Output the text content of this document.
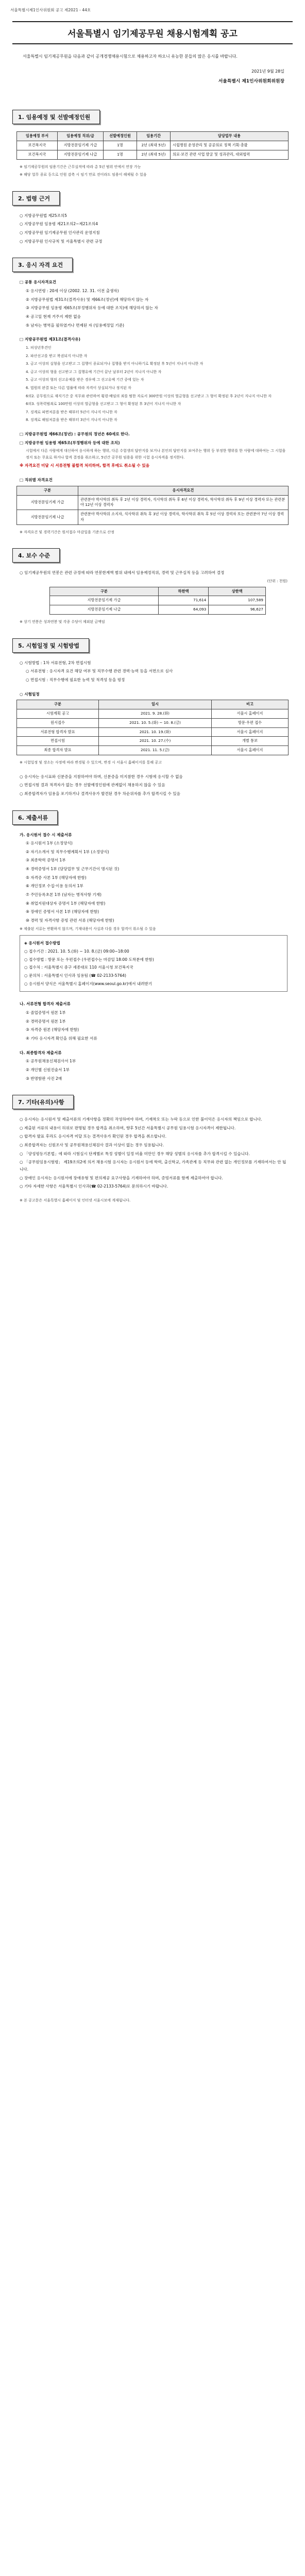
서울특별시제1인사위원회 공고 제2021 - 44호
서울특별시 임기제공무원 채용시험계획 공고
서울특별시 임기제공무원을 다음과 같이 공개경쟁채용시험으로 채용하고자 하오니 유능한 분들의 많은 응시를 바랍니다.
2021년 9월 28일
서울특별시 제1인사위원회위원장
1. 임용예정 및 선발예정인원
임용예정 부서	임용예정 직위/급	선발예정인원	임용기간	담당업무 내용
보건복지국	지방전문임기제 가급	1명	2년 (최대 5년)	시립병원 운영관리 및 공공의료 정책 기획·총괄
보건복지국	지방전문임기제 나급	1명	2년 (최대 5년)	의료·보건 관련 사업 발굴 및 성과관리, 대외협력
※ 임기제공무원의 임용기간은 근무실적에 따라 총 5년 범위 안에서 연장 가능
※ 해당 업무 종료 등으로 인원 감축 시 임기 만료 전이라도 임용이 해제될 수 있음
2. 법령 근거
○ 지방공무원법 제25조의5
○ 지방공무원 임용령 제21조의2~제21조의4
○ 지방공무원 임기제공무원 인사관리 운영지침
○ 지방공무원 인사규칙 및 서울특별시 관련 규정
3. 응시 자격 요건
□ 공통 응시자격요건
① 응시연령 : 20세 이상 (2002. 12. 31. 이전 출생자)
② 지방공무원법 제31조(결격사유) 및 제66조(정년)에 해당하지 않는 자
③ 지방공무원 임용령 제65조(부정행위자 등에 대한 조치)에 해당하지 않는 자
④ 공고일 현재 거주지 제한 없음
⑤ 남자는 병역을 필하였거나 면제된 자 (임용예정일 기준)
□ 지방공무원법 제31조(결격사유)
1. 피성년후견인
2. 파산선고를 받고 복권되지 아니한 자
3. 금고 이상의 실형을 선고받고 그 집행이 종료되거나 집행을 받지 아니하기로 확정된 후 5년이 지나지 아니한 자
4. 금고 이상의 형을 선고받고 그 집행유예 기간이 끝난 날부터 2년이 지나지 아니한 자
5. 금고 이상의 형의 선고유예를 받은 경우에 그 선고유예 기간 중에 있는 자
6. 법원의 판결 또는 다른 법률에 따라 자격이 상실되거나 정지된 자
6의2. 공무원으로 재직기간 중 직무와 관련하여 횡령·배임의 죄를 범한 자로서 300만원 이상의 벌금형을 선고받고 그 형이 확정된 후 2년이 지나지 아니한 자
6의3. 성폭력범죄로 100만원 이상의 벌금형을 선고받고 그 형이 확정된 후 3년이 지나지 아니한 자
7. 징계로 파면처분을 받은 때부터 5년이 지나지 아니한 자
8. 징계로 해임처분을 받은 때부터 3년이 지나지 아니한 자
□ 지방공무원법 제66조(정년) : 공무원의 정년은 60세로 한다.
□ 지방공무원 임용령 제65조(부정행위자 등에 대한 조치)
시험에서 다른 사람에게 대신하여 응시하게 하는 행위, 다른 수험생의 답안지를 보거나 본인의 답안지를 보여주는 행위 등 부정한 행위를 한 사람에 대하여는 그 시험을 정지 또는 무효로 하거나 합격 결정을 취소하고, 5년간 공무원 임용을 위한 시험 응시자격을 정지한다.
※ 자격요건 미달 시 서류전형 불합격 처리하며, 합격 후에도 취소될 수 있음
□ 직위별 자격요건
구분	응시자격요건
지방전문임기제 가급	관련분야 박사학위 취득 후 2년 이상 경력자, 석사학위 취득 후 6년 이상 경력자, 학사학위 취득 후 9년 이상 경력자 또는 관련분야 12년 이상 경력자
지방전문임기제 나급	관련분야 박사학위 소지자, 석사학위 취득 후 3년 이상 경력자, 학사학위 취득 후 5년 이상 경력자 또는 관련분야 7년 이상 경력자
※ 자격요건 및 경력기간은 원서접수 마감일을 기준으로 산정
4. 보수 수준
○ 임기제공무원의 연봉은 관련 규정에 따라 연봉한계액 범위 내에서 임용예정직위, 경력 및 근무실적 등을 고려하여 결정
(단위 : 천원)
구분	하한액	상한액
지방전문임기제 가급	71,614	107,589
지방전문임기제 나급	64,093	96,627
※ 상기 연봉은 성과연봉 및 각종 수당이 제외된 금액임
5. 시험일정 및 시험방법
○ 시험방법 : 1차 서류전형, 2차 면접시험
○ 서류전형 : 응시자격 요건 해당 여부 및 직무수행 관련 경력·능력 등을 서면으로 심사
○ 면접시험 : 직무수행에 필요한 능력 및 적격성 등을 평정
○ 시험일정
구분	일시	비고
시험계획 공고	2021. 9. 28.(화)	서울시 홈페이지
원서접수	2021. 10. 5.(화) ~ 10. 8.(금)	방문·우편 접수
서류전형 합격자 발표	2021. 10. 19.(화)	서울시 홈페이지
면접시험	2021. 10. 27.(수)	개별 통보
최종 합격자 발표	2021. 11. 5.(금)	서울시 홈페이지
※ 시험일정 및 장소는 사정에 따라 변경될 수 있으며, 변경 시 서울시 홈페이지를 통해 공고
○ 응시자는 응시표와 신분증을 지참하여야 하며, 신분증을 미지참한 경우 시험에 응시할 수 없음
○ 면접시험 결과 적격자가 없는 경우 선발예정인원에 관계없이 채용하지 않을 수 있음
○ 최종합격자가 임용을 포기하거나 결격사유가 발견된 경우 차순위자를 추가 합격시킬 수 있음
6. 제출서류
가. 응시원서 접수 시 제출서류
① 응시원서 1부 (소정양식)
② 자기소개서 및 직무수행계획서 1부 (소정양식)
③ 최종학력 증명서 1부
④ 경력증명서 1부 (담당업무 및 근무기간이 명시된 것)
⑤ 자격증 사본 1부 (해당자에 한함)
⑥ 개인정보 수집·이용 동의서 1부
⑦ 주민등록초본 1부 (남자는 병적사항 기재)
⑧ 취업지원대상자 증명서 1부 (해당자에 한함)
⑨ 장애인 증명서 사본 1부 (해당자에 한함)
⑩ 경력 및 자격사항 증빙 관련 서류 (해당자에 한함)
※ 제출된 서류는 반환하지 않으며, 기재내용이 사실과 다를 경우 합격이 취소될 수 있음
◈ 응시원서 접수방법
○ 접수기간 : 2021. 10. 5.(화) ~ 10. 8.(금) 09:00~18:00
○ 접수방법 : 방문 또는 우편접수 (우편접수는 마감일 18:00 도착분에 한함)
○ 접수처 : 서울특별시 중구 세종대로 110 서울시청 보건복지국
○ 문의처 : 서울특별시 인사과 임용팀 (☎ 02-2133-5764)
○ 응시원서 양식은 서울특별시 홈페이지(www.seoul.go.kr)에서 내려받기
나. 서류전형 합격자 제출서류
① 졸업증명서 원본 1부
② 경력증명서 원본 1부
③ 자격증 원본 (해당자에 한함)
④ 기타 응시자격 확인을 위해 필요한 서류
다. 최종합격자 제출서류
① 공무원채용신체검사서 1부
② 개인별 신원진술서 1부
③ 반명함판 사진 2매
7. 기타(유의)사항
○ 응시자는 응시원서 및 제출서류의 기재사항을 정확히 작성하여야 하며, 기재착오 또는 누락 등으로 인한 불이익은 응시자의 책임으로 합니다.
○ 제출된 서류의 내용이 허위로 판명될 경우 합격을 취소하며, 향후 5년간 서울특별시 공무원 임용시험 응시자격이 제한됩니다.
○ 합격자 발표 후라도 응시자격 미달 또는 결격사유가 확인된 경우 합격을 취소합니다.
○ 최종합격자는 신원조사 및 공무원채용신체검사 결과 이상이 없는 경우 임용됩니다.
○ 「양성평등기본법」에 따라 시험실시 단계별로 특정 성별이 일정 비율 미만인 경우 해당 성별의 응시자를 추가 합격시킬 수 있습니다.
○ 「공무원임용시험령」 제19조의2에 의거 채용시험 응시자는 응시원서 등에 학력, 출신학교, 가족관계 등 직무와 관련 없는 개인정보를 기재하여서는 안 됩니다.
○ 장애인 응시자는 응시원서에 장애유형 및 편의제공 요구사항을 기재하여야 하며, 증빙서류를 함께 제출하여야 합니다.
○ 기타 자세한 사항은 서울특별시 인사과(☎ 02-2133-5764)로 문의하시기 바랍니다.
※ 본 공고문은 서울특별시 홈페이지 및 인터넷 서울시보에 게재됩니다.
